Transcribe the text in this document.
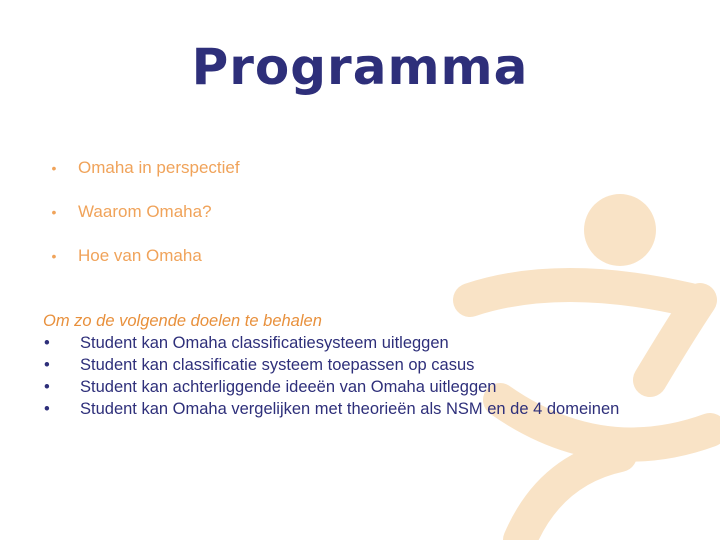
Programma
•	Omaha in perspectief
•	Waarom Omaha?
•	Hoe van Omaha
Om zo de volgende doelen te behalen
•	Student kan Omaha classificatiesysteem uitleggen
•	Student kan classificatie systeem toepassen op casus
•	Student kan achterliggende ideeën van Omaha uitleggen
•	Student kan Omaha vergelijken met theorieën als NSM en de 4 domeinen
